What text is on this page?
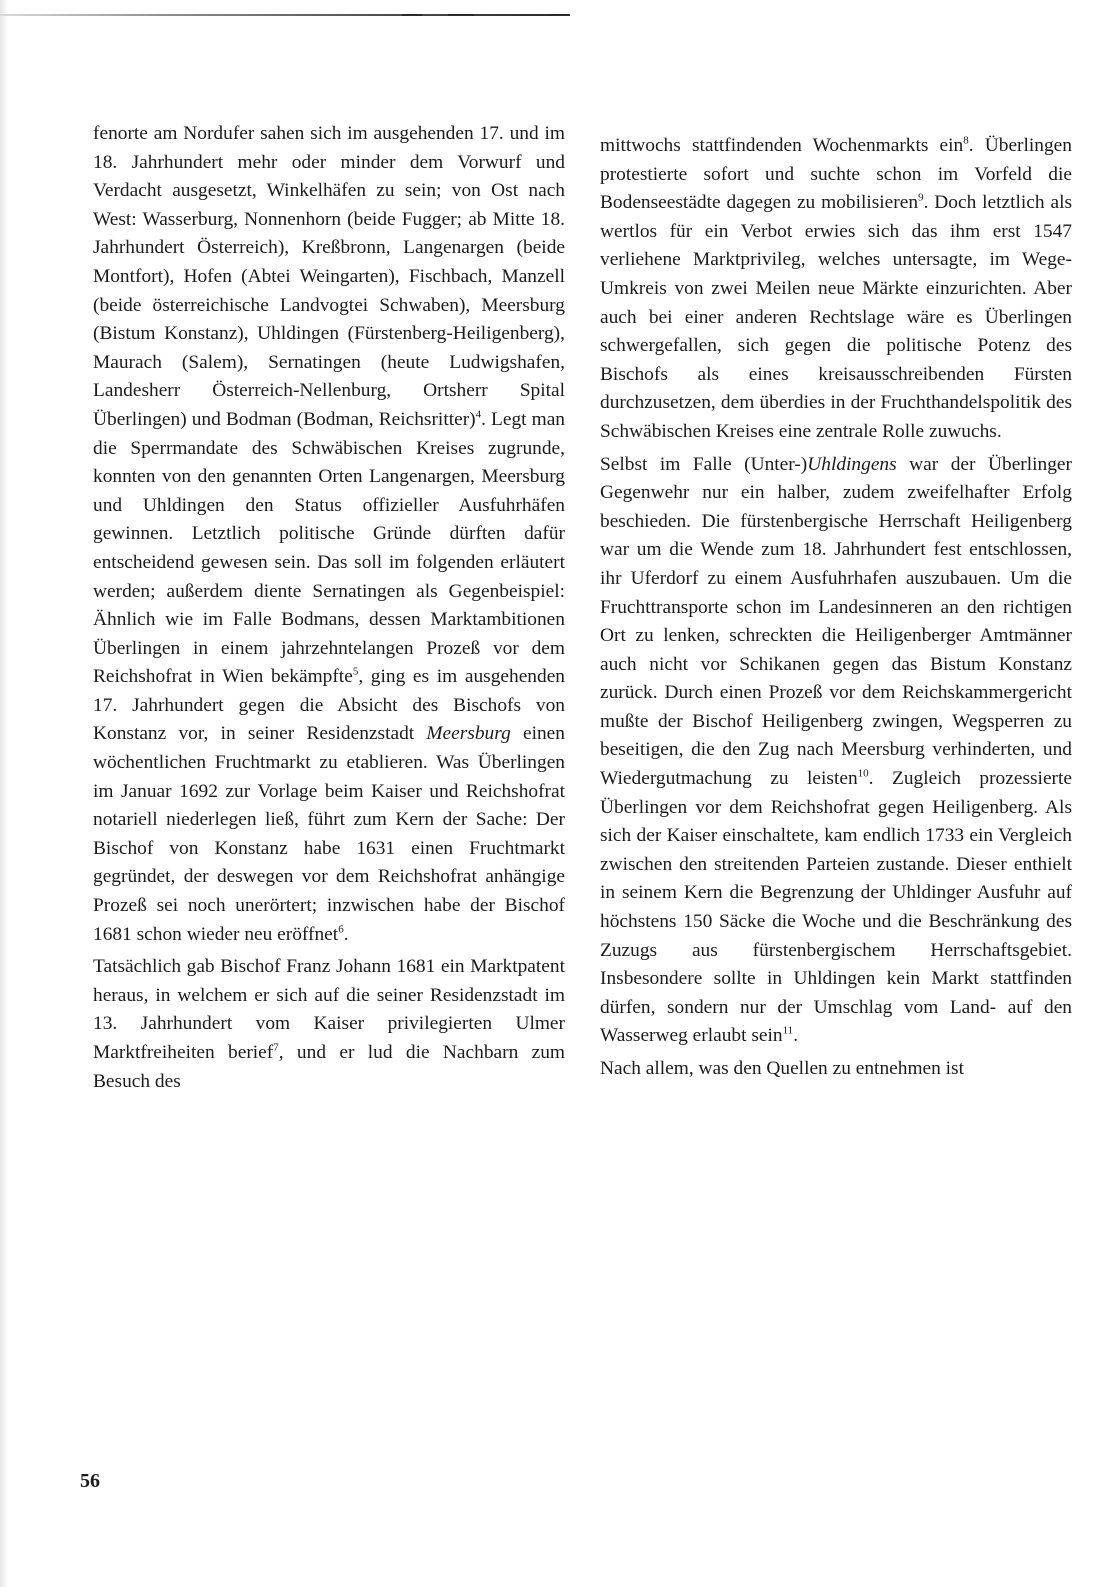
fenorte am Nordufer sahen sich im ausgehenden 17. und im 18. Jahrhundert mehr oder minder dem Vorwurf und Verdacht ausgesetzt, Winkelhäfen zu sein; von Ost nach West: Wasserburg, Nonnenhorn (beide Fugger; ab Mitte 18. Jahrhundert Österreich), Kreßbronn, Langenargen (beide Montfort), Hofen (Abtei Weingarten), Fischbach, Manzell (beide österreichische Landvogtei Schwaben), Meersburg (Bistum Konstanz), Uhldingen (Fürstenberg-Heiligenberg), Maurach (Salem), Sernatingen (heute Ludwigshafen, Landesherr Österreich-Nellenburg, Ortsherr Spital Überlingen) und Bodman (Bodman, Reichsritter)$^4$. Legt man die Sperrmandate des Schwäbischen Kreises zugrunde, konnten von den genannten Orten Langenargen, Meersburg und Uhldingen den Status offizieller Ausfuhrhäfen gewinnen. Letztlich politische Gründe dürften dafür entscheidend gewesen sein. Das soll im folgenden erläutert werden; außerdem diente Sernatingen als Gegenbeispiel: Ähnlich wie im Falle Bodmans, dessen Marktambitionen Überlingen in einem jahrzehntelangen Prozeß vor dem Reichshofrat in Wien bekämpfte$^5$, ging es im ausgehenden 17. Jahrhundert gegen die Absicht des Bischofs von Konstanz vor, in seiner Residenzstadt Meersburg einen wöchentlichen Fruchtmarkt zu etablieren. Was Überlingen im Januar 1692 zur Vorlage beim Kaiser und Reichshofrat notariell niederlegen ließ, führt zum Kern der Sache: Der Bischof von Konstanz habe 1631 einen Fruchtmarkt gegründet, der deswegen vor dem Reichshofrat anhängige Prozeß sei noch unerörtert; inzwischen habe der Bischof 1681 schon wieder neu eröffnet$^6$.

Tatsächlich gab Bischof Franz Johann 1681 ein Marktpatent heraus, in welchem er sich auf die seiner Residenzstadt im 13. Jahrhundert vom Kaiser privilegierten Ulmer Marktfreiheiten berief$^7$, und er lud die Nachbarn zum Besuch des

mittwochs stattfindenden Wochenmarkts ein$^8$. Überlingen protestierte sofort und suchte schon im Vorfeld die Bodenseestädte dagegen zu mobilisieren$^9$. Doch letztlich als wertlos für ein Verbot erwies sich das ihm erst 1547 verliehene Marktprivileg, welches untersagte, im Wege-Umkreis von zwei Meilen neue Märkte einzurichten. Aber auch bei einer anderen Rechtslage wäre es Überlingen schwergefallen, sich gegen die politische Potenz des Bischofs als eines kreisausschreibenden Fürsten durchzusetzen, dem überdies in der Fruchthandelspolitik des Schwäbischen Kreises eine zentrale Rolle zuwuchs.

Selbst im Falle (Unter-)Uhldingens war der Überlinger Gegenwehr nur ein halber, zudem zweifelhafter Erfolg beschieden. Die fürstenbergische Herrschaft Heiligenberg war um die Wende zum 18. Jahrhundert fest entschlossen, ihr Uferdorf zu einem Ausfuhrhafen auszubauen. Um die Fruchttransporte schon im Landesinneren an den richtigen Ort zu lenken, schreckten die Heiligenberger Amtmänner auch nicht vor Schikanen gegen das Bistum Konstanz zurück. Durch einen Prozeß vor dem Reichskammergericht mußte der Bischof Heiligenberg zwingen, Wegsperren zu beseitigen, die den Zug nach Meersburg verhinderten, und Wiedergutmachung zu leisten$^{10}$. Zugleich prozessierte Überlingen vor dem Reichshofrat gegen Heiligenberg. Als sich der Kaiser einschaltete, kam endlich 1733 ein Vergleich zwischen den streitenden Parteien zustande. Dieser enthielt in seinem Kern die Begrenzung der Uhldinger Ausfuhr auf höchstens 150 Säcke die Woche und die Beschränkung des Zuzugs aus fürstenbergischem Herrschaftsgebiet. Insbesondere sollte in Uhldingen kein Markt stattfinden dürfen, sondern nur der Umschlag vom Land- auf den Wasserweg erlaubt sein$^{11}$.

Nach allem, was den Quellen zu entnehmen ist

56
